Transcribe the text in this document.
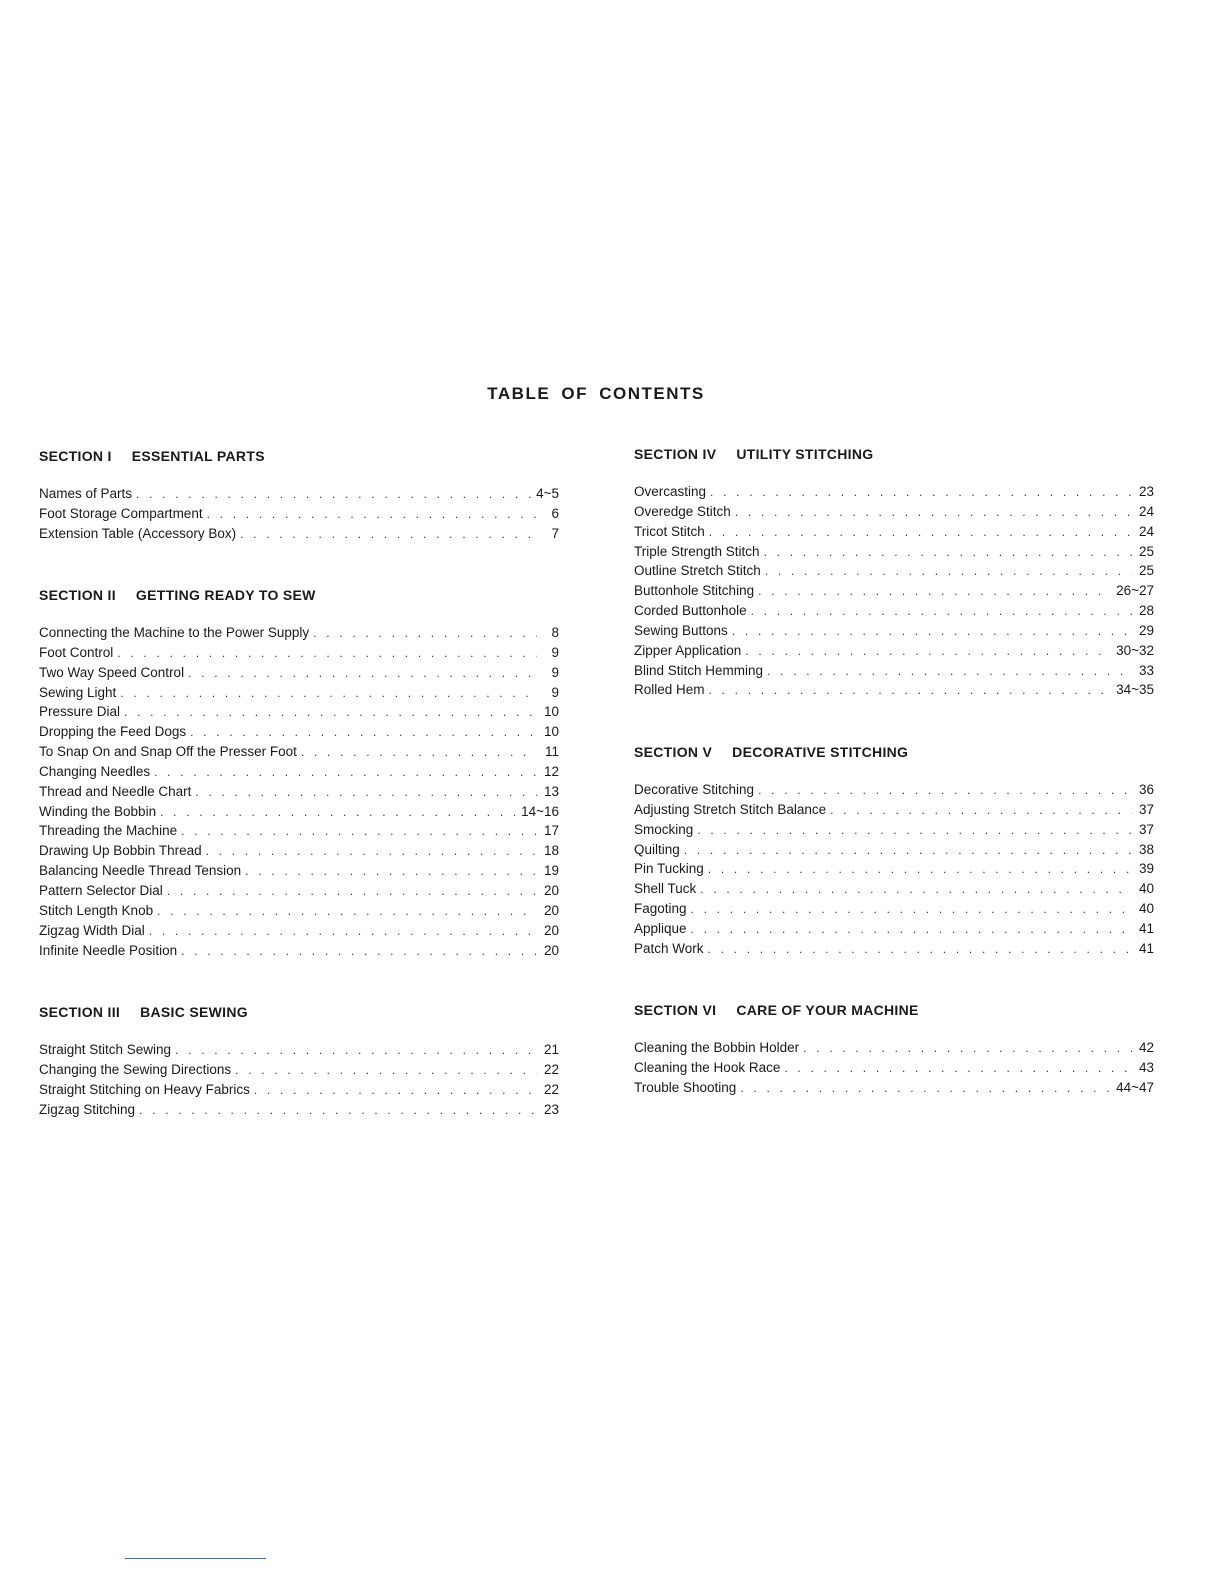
TABLE OF CONTENTS
SECTION I ESSENTIAL PARTS
Names of Parts . . .	4~5
Foot Storage Compartment . . .	6
Extension Table (Accessory Box) . . .	7
SECTION II GETTING READY TO SEW
Connecting the Machine to the Power Supply . . .	8
Foot Control . . .	9
Two Way Speed Control . . .	9
Sewing Light . . .	9
Pressure Dial . . .	10
Dropping the Feed Dogs . . .	10
To Snap On and Snap Off the Presser Foot . . .	11
Changing Needles . . .	12
Thread and Needle Chart . . .	13
Winding the Bobbin . . .	14~16
Threading the Machine . . .	17
Drawing Up Bobbin Thread . . .	18
Balancing Needle Thread Tension . . .	19
Pattern Selector Dial . . .	20
Stitch Length Knob . . .	20
Zigzag Width Dial . . .	20
Infinite Needle Position . . .	20
SECTION III BASIC SEWING
Straight Stitch Sewing . . .	21
Changing the Sewing Directions . . .	22
Straight Stitching on Heavy Fabrics . . .	22
Zigzag Stitching . . .	23
SECTION IV UTILITY STITCHING
Overcasting . . .	23
Overedge Stitch . . .	24
Tricot Stitch . . .	24
Triple Strength Stitch . . .	25
Outline Stretch Stitch . . .	25
Buttonhole Stitching . . .	26~27
Corded Buttonhole . . .	28
Sewing Buttons . . .	29
Zipper Application . . .	30~32
Blind Stitch Hemming . . .	33
Rolled Hem . . .	34~35
SECTION V DECORATIVE STITCHING
Decorative Stitching . . .	36
Adjusting Stretch Stitch Balance . . .	37
Smocking . . .	37
Quilting . . .	38
Pin Tucking . . .	39
Shell Tuck . . .	40
Fagoting . . .	40
Applique . . .	41
Patch Work . . .	41
SECTION VI CARE OF YOUR MACHINE
Cleaning the Bobbin Holder . . .	42
Cleaning the Hook Race . . .	43
Trouble Shooting . . .	44~47
